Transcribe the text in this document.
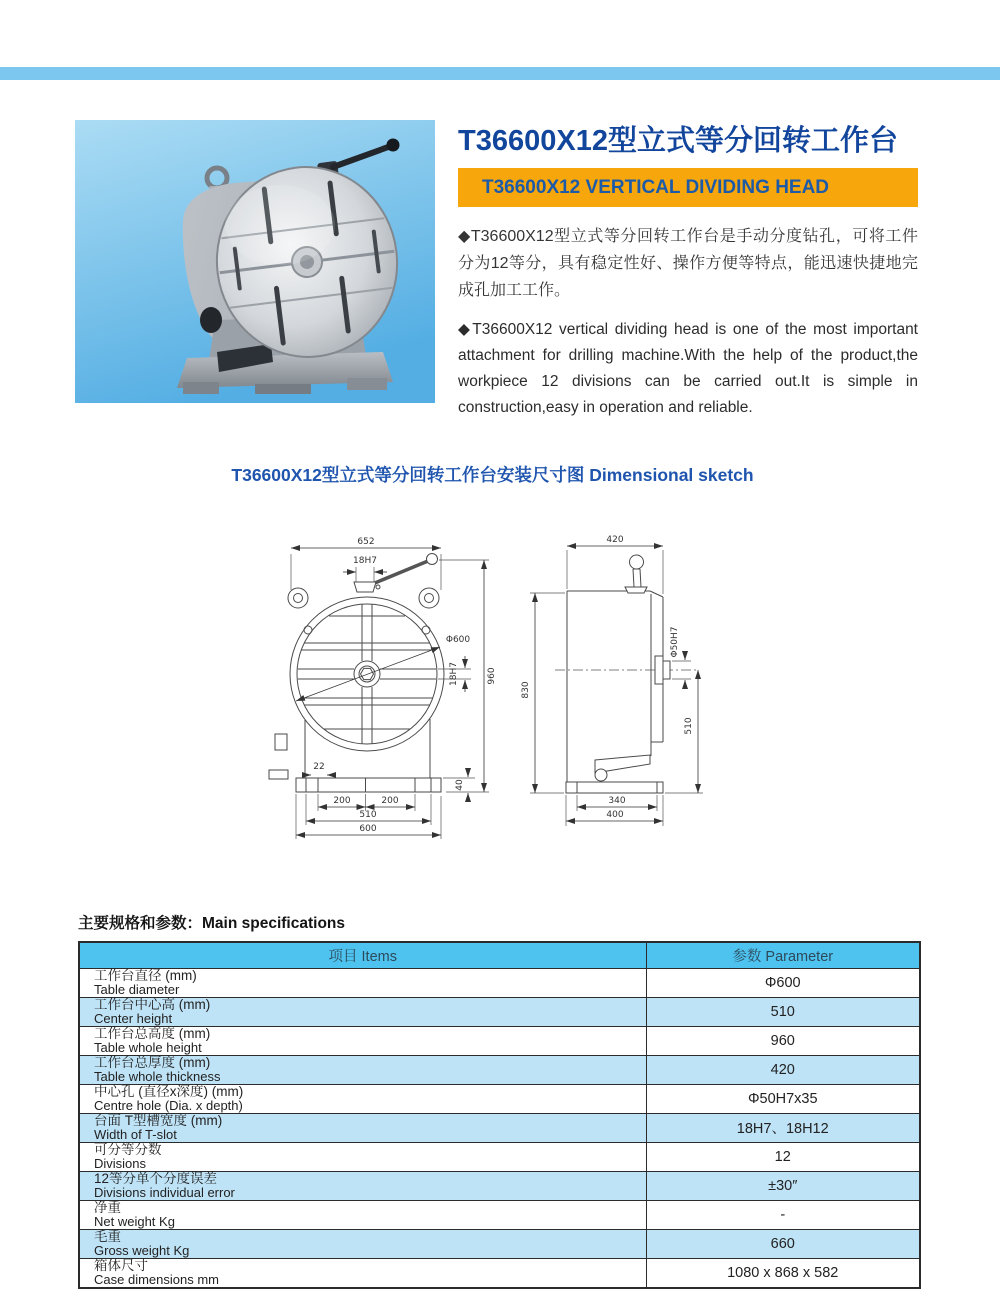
T36600X12型立式等分回转工作台
T36600X12 VERTICAL DIVIDING HEAD
◆T36600X12型立式等分回转工作台是手动分度钻孔，可将工件分为12等分，具有稳定性好、操作方便等特点，能迅速快捷地完成孔加工工作。
◆T36600X12 vertical dividing head is one of the most important attachment for drilling machine.With the help of the product,the workpiece 12 divisions can be carried out.It is simple in construction,easy in operation and reliable.
T36600X12型立式等分回转工作台安装尺寸图 Dimensional sketch
652
18H7
Φ600
18H7	960
22
40
200	200
510
600
420
Φ50H7
830
510
340
400
主要规格和参数：Main specifications
项目 Items	参数 Parameter

工作台直径 (mm)
Table diameter	Φ600

工作台中心高 (mm)
Center height	510

工作台总高度 (mm)
Table whole height	960

工作台总厚度 (mm)
Table whole thickness	420

中心孔 (直径x深度) (mm)
Centre hole (Dia. x depth)	Φ50H7x35

台面 T型槽宽度 (mm)
Width of T-slot	18H7、18H12

可分等分数
Divisions	12

12等分单个分度误差
Divisions individual error	±30″

净重
Net weight Kg	-

毛重
Gross weight Kg	660

箱体尺寸
Case dimensions mm	1080 x 868 x 582
